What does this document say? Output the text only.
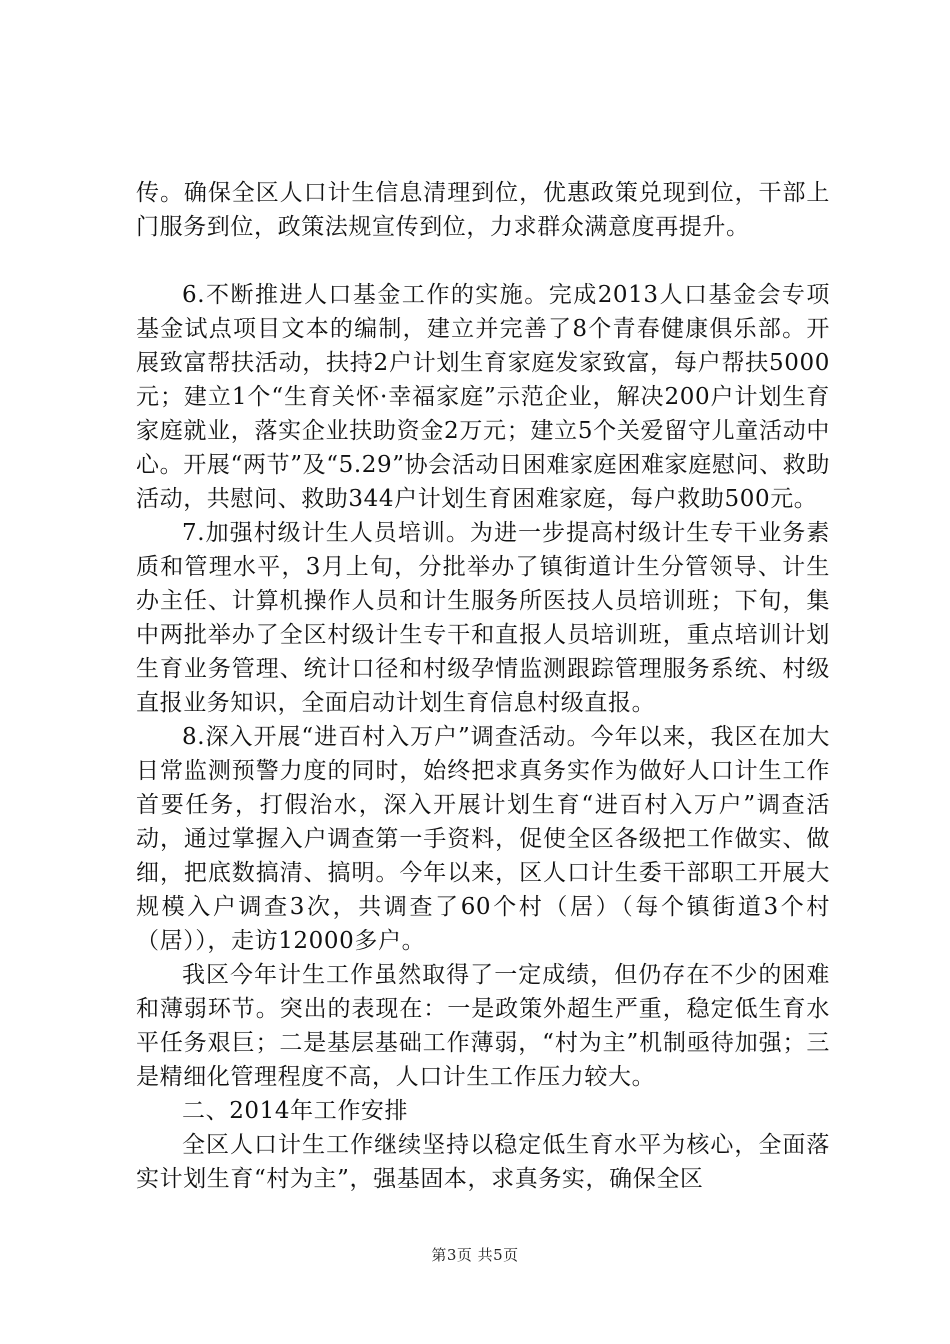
传。确保全区人口计生信息清理到位，优惠政策兑现到位，干部上门服务到位，政策法规宣传到位，力求群众满意度再提升。

6.不断推进人口基金工作的实施。完成2013人口基金会专项基金试点项目文本的编制，建立并完善了8个青春健康俱乐部。开展致富帮扶活动，扶持2户计划生育家庭发家致富，每户帮扶5000元；建立1个“生育关怀·幸福家庭”示范企业，解决200户计划生育家庭就业，落实企业扶助资金2万元；建立5个关爱留守儿童活动中心。开展“两节”及“5.29”协会活动日困难家庭困难家庭慰问、救助活动，共慰问、救助344户计划生育困难家庭，每户救助500元。

7.加强村级计生人员培训。为进一步提高村级计生专干业务素质和管理水平，3月上旬，分批举办了镇街道计生分管领导、计生办主任、计算机操作人员和计生服务所医技人员培训班；下旬，集中两批举办了全区村级计生专干和直报人员培训班，重点培训计划生育业务管理、统计口径和村级孕情监测跟踪管理服务系统、村级直报业务知识，全面启动计划生育信息村级直报。

8.深入开展“进百村入万户”调查活动。今年以来，我区在加大日常监测预警力度的同时，始终把求真务实作为做好人口计生工作首要任务，打假治水，深入开展计划生育“进百村入万户”调查活动，通过掌握入户调查第一手资料，促使全区各级把工作做实、做细，把底数搞清、搞明。今年以来，区人口计生委干部职工开展大规模入户调查3次，共调查了60个村（居）（每个镇街道3个村（居）），走访12000多户。

我区今年计生工作虽然取得了一定成绩，但仍存在不少的困难和薄弱环节。突出的表现在：一是政策外超生严重，稳定低生育水平任务艰巨；二是基层基础工作薄弱，“村为主”机制亟待加强；三是精细化管理程度不高，人口计生工作压力较大。

二、2014年工作安排

全区人口计生工作继续坚持以稳定低生育水平为核心，全面落实计划生育“村为主”，强基固本，求真务实，确保全区

第3页 共5页
